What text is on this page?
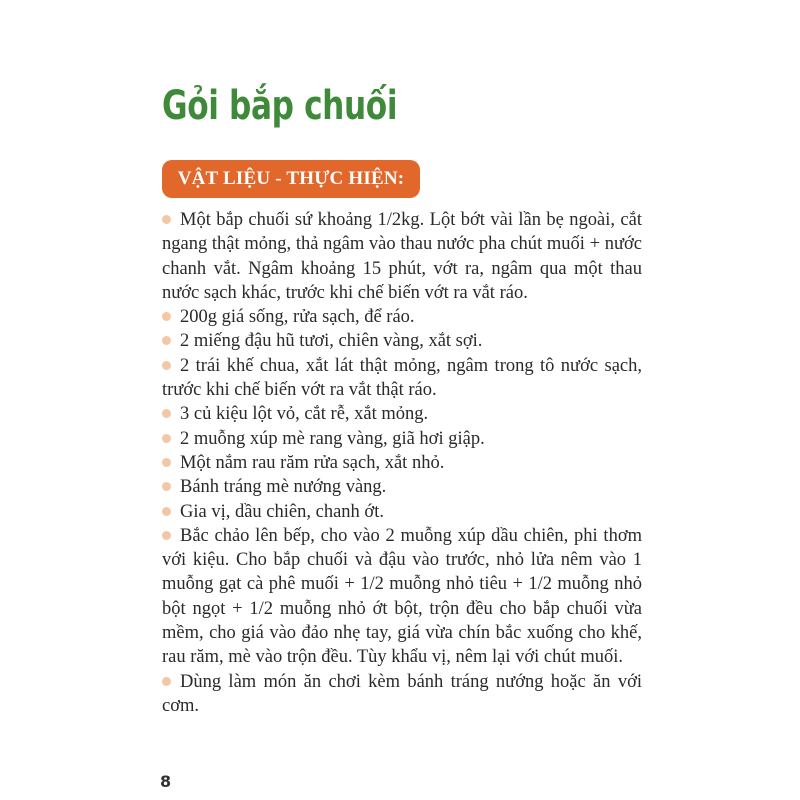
Gỏi bắp chuối
VẬT LIỆU - THỰC HIỆN:

Một bắp chuối sứ khoảng 1/2kg. Lột bớt vài lần bẹ ngoài, cắt ngang thật mỏng, thả ngâm vào thau nước pha chút muối + nước chanh vắt. Ngâm khoảng 15 phút, vớt ra, ngâm qua một thau nước sạch khác, trước khi chế biến vớt ra vắt ráo.

200g giá sống, rửa sạch, để ráo.

2 miếng đậu hũ tươi, chiên vàng, xắt sợi.

2 trái khế chua, xắt lát thật mỏng, ngâm trong tô nước sạch, trước khi chế biến vớt ra vắt thật ráo.

3 củ kiệu lột vỏ, cắt rễ, xắt mỏng.

2 muỗng xúp mè rang vàng, giã hơi giập.

Một nắm rau răm rửa sạch, xắt nhỏ.

Bánh tráng mè nướng vàng.

Gia vị, dầu chiên, chanh ớt.

Bắc chảo lên bếp, cho vào 2 muỗng xúp dầu chiên, phi thơm với kiệu. Cho bắp chuối và đậu vào trước, nhỏ lửa nêm vào 1 muỗng gạt cà phê muối + 1/2 muỗng nhỏ tiêu + 1/2 muỗng nhỏ bột ngọt + 1/2 muỗng nhỏ ớt bột, trộn đều cho bắp chuối vừa mềm, cho giá vào đảo nhẹ tay, giá vừa chín bắc xuống cho khế, rau răm, mè vào trộn đều. Tùy khẩu vị, nêm lại với chút muối.

Dùng làm món ăn chơi kèm bánh tráng nướng hoặc ăn với cơm.

8
